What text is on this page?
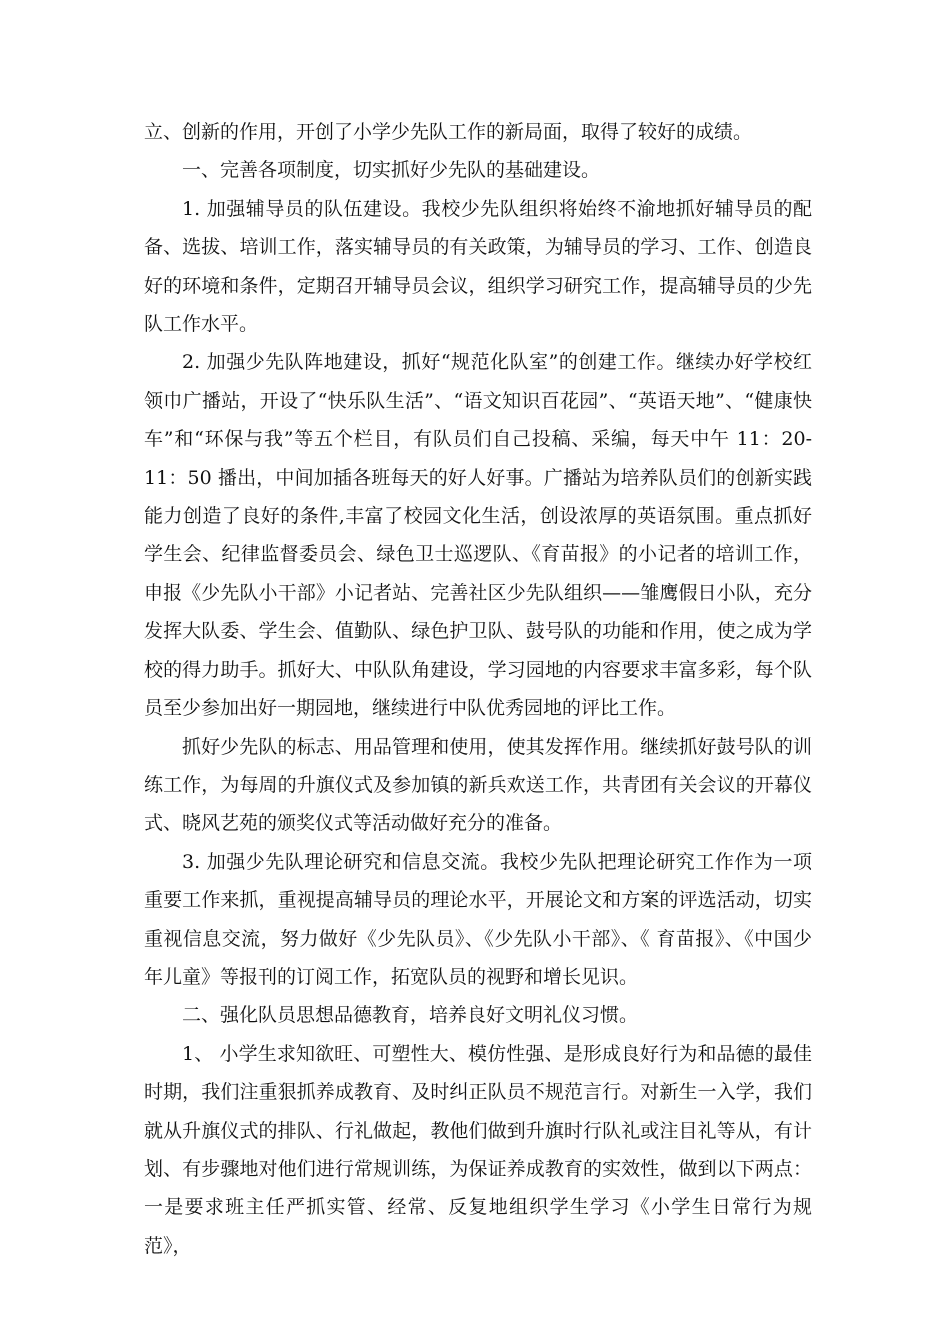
立、创新的作用，开创了小学少先队工作的新局面，取得了较好的成绩。

一、完善各项制度，切实抓好少先队的基础建设。

1. 加强辅导员的队伍建设。我校少先队组织将始终不渝地抓好辅导员的配备、选拔、培训工作，落实辅导员的有关政策，为辅导员的学习、工作、创造良好的环境和条件，定期召开辅导员会议，组织学习研究工作，提高辅导员的少先队工作水平。

2. 加强少先队阵地建设，抓好“规范化队室”的创建工作。继续办好学校红领巾广播站，开设了“快乐队生活”、“语文知识百花园”、“英语天地”、“健康快车”和“环保与我”等五个栏目，有队员们自己投稿、采编，每天中午 11：20-11：50 播出，中间加插各班每天的好人好事。广播站为培养队员们的创新实践能力创造了良好的条件,丰富了校园文化生活，创设浓厚的英语氛围。重点抓好学生会、纪律监督委员会、绿色卫士巡逻队、《育苗报》的小记者的培训工作，申报《少先队小干部》小记者站、完善社区少先队组织——雏鹰假日小队，充分发挥大队委、学生会、值勤队、绿色护卫队、鼓号队的功能和作用，使之成为学校的得力助手。抓好大、中队队角建设，学习园地的内容要求丰富多彩，每个队员至少参加出好一期园地，继续进行中队优秀园地的评比工作。

抓好少先队的标志、用品管理和使用，使其发挥作用。继续抓好鼓号队的训练工作，为每周的升旗仪式及参加镇的新兵欢送工作，共青团有关会议的开幕仪式、晓风艺苑的颁奖仪式等活动做好充分的准备。

3. 加强少先队理论研究和信息交流。我校少先队把理论研究工作作为一项重要工作来抓，重视提高辅导员的理论水平，开展论文和方案的评选活动，切实重视信息交流，努力做好《少先队员》、《少先队小干部》、《 育苗报》、《中国少年儿童》等报刊的订阅工作，拓宽队员的视野和增长见识。

二、强化队员思想品德教育，培养良好文明礼仪习惯。

1、 小学生求知欲旺、可塑性大、模仿性强、是形成良好行为和品德的最佳时期，我们注重狠抓养成教育、及时纠正队员不规范言行。对新生一入学，我们就从升旗仪式的排队、行礼做起，教他们做到升旗时行队礼或注目礼等从，有计划、有步骤地对他们进行常规训练，为保证养成教育的实效性，做到以下两点：一是要求班主任严抓实管、经常、反复地组织学生学习《小学生日常行为规范》，
